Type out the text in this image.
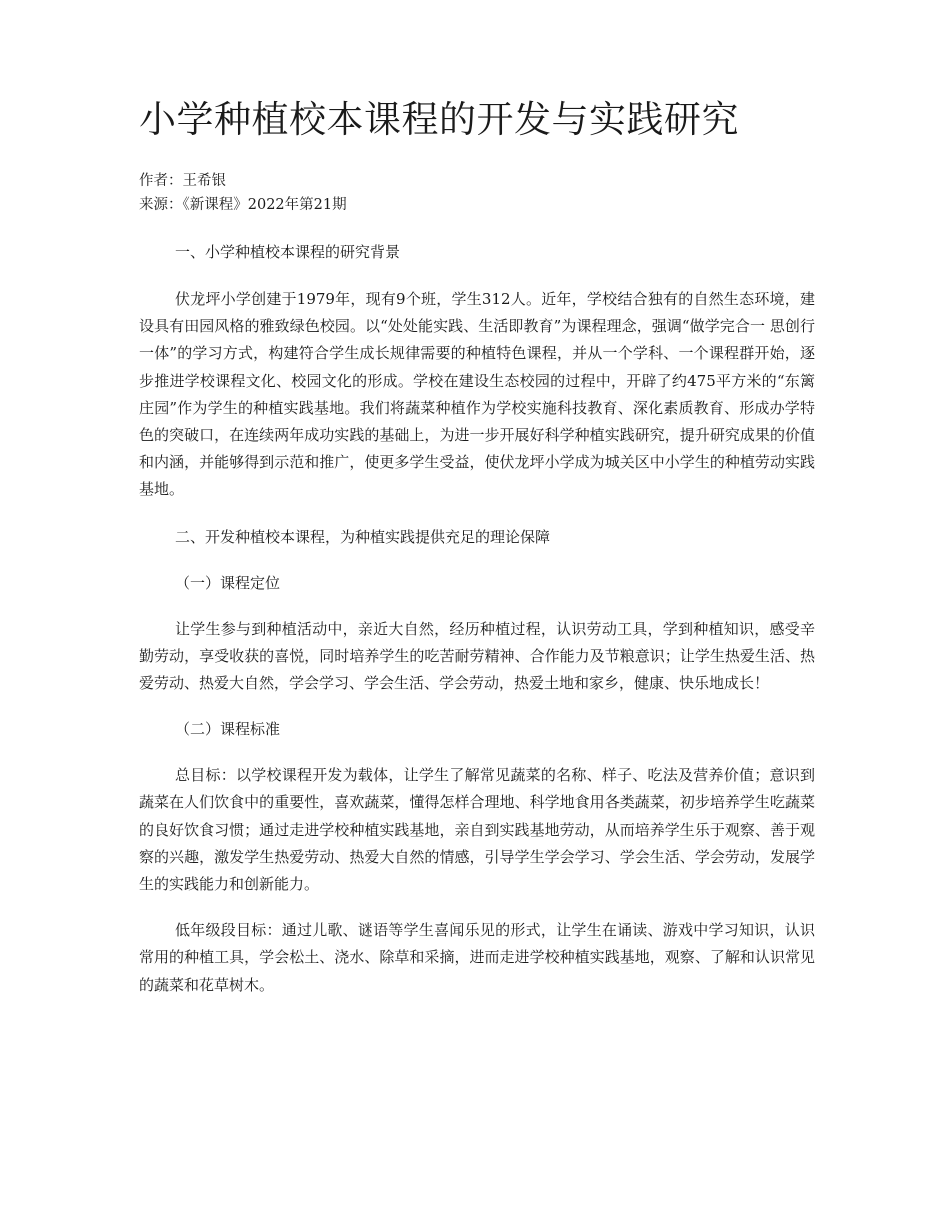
小学种植校本课程的开发与实践研究
作者：王希银
来源：《新课程》2022年第21期

一、小学种植校本课程的研究背景

伏龙坪小学创建于1979年，现有9个班，学生312人。近年，学校结合独有的自然生态环境，建设具有田园风格的雅致绿色校园。以“处处能实践、生活即教育”为课程理念，强调“做学完合一 思创行一体”的学习方式，构建符合学生成长规律需要的种植特色课程，并从一个学科、一个课程群开始，逐步推进学校课程文化、校园文化的形成。学校在建设生态校园的过程中，开辟了约475平方米的“东篱庄园”作为学生的种植实践基地。我们将蔬菜种植作为学校实施科技教育、深化素质教育、形成办学特色的突破口，在连续两年成功实践的基础上，为进一步开展好科学种植实践研究，提升研究成果的价值和内涵，并能够得到示范和推广，使更多学生受益，使伏龙坪小学成为城关区中小学生的种植劳动实践基地。

二、开发种植校本课程，为种植实践提供充足的理论保障

（一）课程定位

让学生参与到种植活动中，亲近大自然，经历种植过程，认识劳动工具，学到种植知识，感受辛勤劳动，享受收获的喜悦，同时培养学生的吃苦耐劳精神、合作能力及节粮意识；让学生热爱生活、热爱劳动、热爱大自然，学会学习、学会生活、学会劳动，热爱土地和家乡，健康、快乐地成长！

（二）课程标准

总目标：以学校课程开发为载体，让学生了解常见蔬菜的名称、样子、吃法及营养价值；意识到蔬菜在人们饮食中的重要性，喜欢蔬菜，懂得怎样合理地、科学地食用各类蔬菜，初步培养学生吃蔬菜的良好饮食习惯；通过走进学校种植实践基地，亲自到实践基地劳动，从而培养学生乐于观察、善于观察的兴趣，激发学生热爱劳动、热爱大自然的情感，引导学生学会学习、学会生活、学会劳动，发展学生的实践能力和创新能力。

低年级段目标：通过儿歌、谜语等学生喜闻乐见的形式，让学生在诵读、游戏中学习知识，认识常用的种植工具，学会松土、浇水、除草和采摘，进而走进学校种植实践基地，观察、了解和认识常见的蔬菜和花草树木。
